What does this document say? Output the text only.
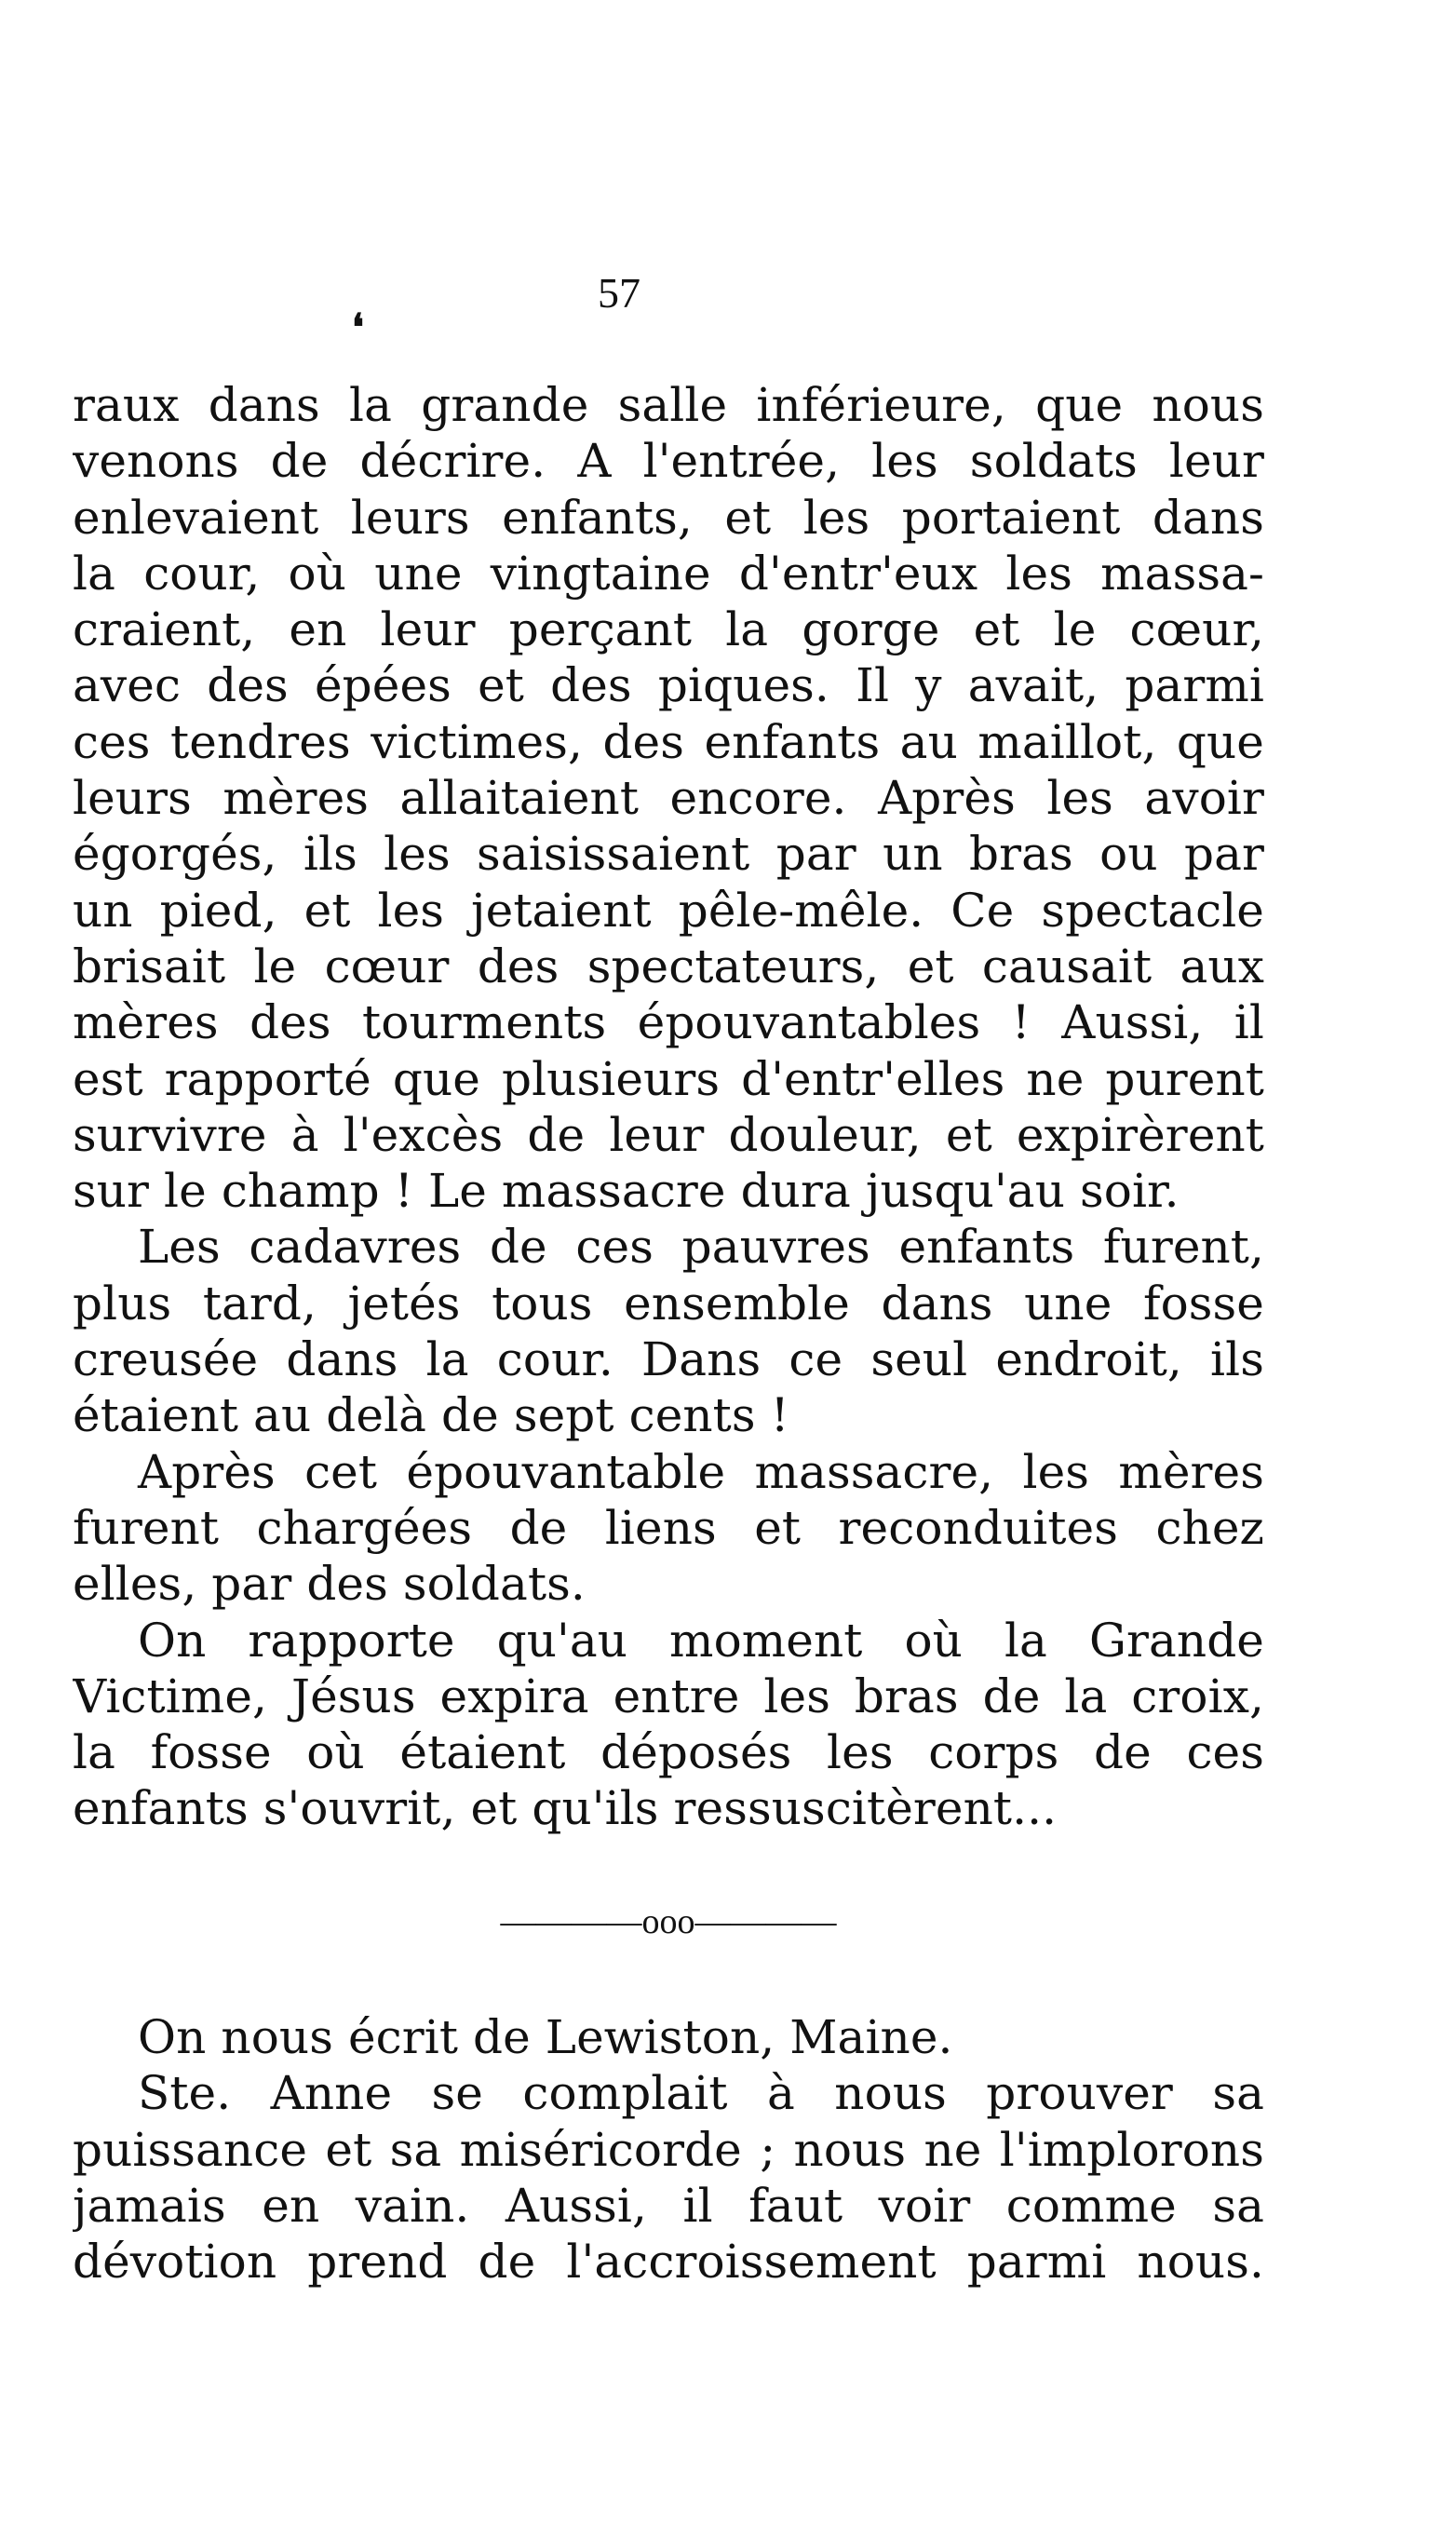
57
❛
raux dans la grande salle inférieure, que nous
venons de décrire. A l'entrée, les soldats leur
enlevaient leurs enfants, et les portaient dans
la cour, où une vingtaine d'entr'eux les massa-
craient, en leur perçant la gorge et le cœur,
avec des épées et des piques. Il y avait, parmi
ces tendres victimes, des enfants au maillot, que
leurs mères allaitaient encore. Après les avoir
égorgés, ils les saisissaient par un bras ou par
un pied, et les jetaient pêle-mêle. Ce spectacle
brisait le cœur des spectateurs, et causait aux
mères des tourments épouvantables ! Aussi, il
est rapporté que plusieurs d'entr'elles ne purent
survivre à l'excès de leur douleur, et expirèrent
sur le champ ! Le massacre dura jusqu'au soir.
Les cadavres de ces pauvres enfants furent,
plus tard, jetés tous ensemble dans une fosse
creusée dans la cour. Dans ce seul endroit, ils
étaient au delà de sept cents !
Après cet épouvantable massacre, les mères
furent chargées de liens et reconduites chez
elles, par des soldats.
On rapporte qu'au moment où la Grande
Victime, Jésus expira entre les bras de la croix,
la fosse où étaient déposés les corps de ces
enfants s'ouvrit, et qu'ils ressuscitèrent...
————ooo————
On nous écrit de Lewiston, Maine.
Ste. Anne se complait à nous prouver sa
puissance et sa miséricorde ; nous ne l'implorons
jamais en vain. Aussi, il faut voir comme sa
dévotion prend de l'accroissement parmi nous.
